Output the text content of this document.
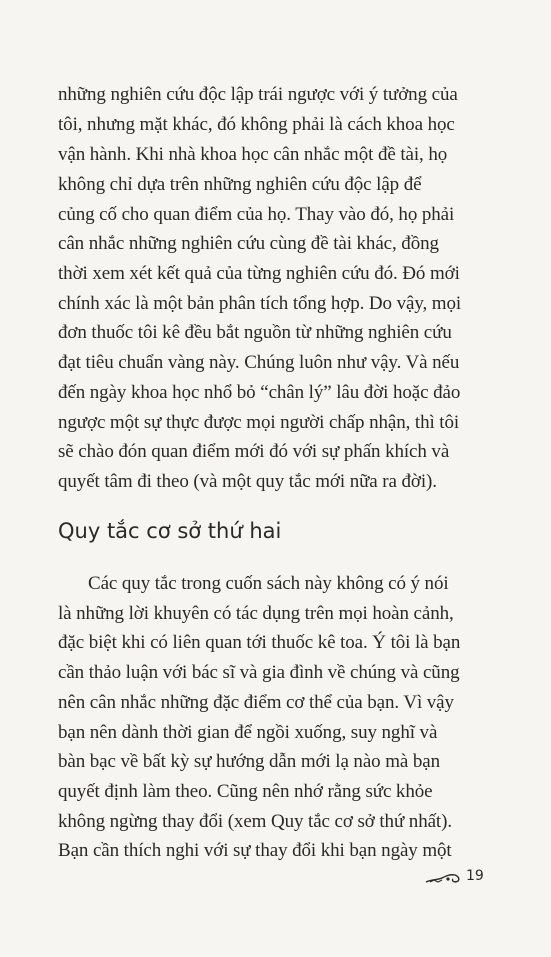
những nghiên cứu độc lập trái ngược với ý tưởng của
tôi, nhưng mặt khác, đó không phải là cách khoa học
vận hành. Khi nhà khoa học cân nhắc một đề tài, họ
không chỉ dựa trên những nghiên cứu độc lập để
củng cố cho quan điểm của họ. Thay vào đó, họ phải
cân nhắc những nghiên cứu cùng đề tài khác, đồng
thời xem xét kết quả của từng nghiên cứu đó. Đó mới
chính xác là một bản phân tích tổng hợp. Do vậy, mọi
đơn thuốc tôi kê đều bắt nguồn từ những nghiên cứu
đạt tiêu chuẩn vàng này. Chúng luôn như vậy. Và nếu
đến ngày khoa học nhổ bỏ “chân lý” lâu đời hoặc đảo
ngược một sự thực được mọi người chấp nhận, thì tôi
sẽ chào đón quan điểm mới đó với sự phấn khích và
quyết tâm đi theo (và một quy tắc mới nữa ra đời).
Quy tắc cơ sở thứ hai
Các quy tắc trong cuốn sách này không có ý nói
là những lời khuyên có tác dụng trên mọi hoàn cảnh,
đặc biệt khi có liên quan tới thuốc kê toa. Ý tôi là bạn
cần thảo luận với bác sĩ và gia đình về chúng và cũng
nên cân nhắc những đặc điểm cơ thể của bạn. Vì vậy
bạn nên dành thời gian để ngồi xuống, suy nghĩ và
bàn bạc về bất kỳ sự hướng dẫn mới lạ nào mà bạn
quyết định làm theo. Cũng nên nhớ rằng sức khỏe
không ngừng thay đổi (xem Quy tắc cơ sở thứ nhất).
Bạn cần thích nghi với sự thay đổi khi bạn ngày một
19
